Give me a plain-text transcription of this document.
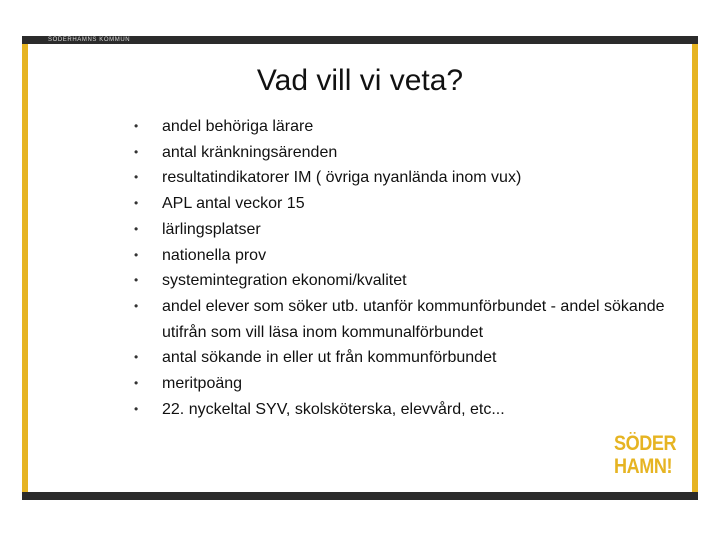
SÖDERHAMNS KOMMUN
Vad vill vi veta?
•	andel behöriga lärare
•	antal kränkningsärenden
•	resultatindikatorer IM ( övriga nyanlända inom vux)
•	APL antal veckor 15
•	lärlingsplatser
•	nationella prov
•	systemintegration ekonomi/kvalitet
•	andel elever som söker utb. utanför kommunförbundet - andel sökande utifrån som vill läsa inom kommunalförbundet
•	antal sökande in eller ut från kommunförbundet
•	meritpoäng
•	22. nyckeltal SYV, skolsköterska, elevvård, etc...
SÖDER
HAMN!
